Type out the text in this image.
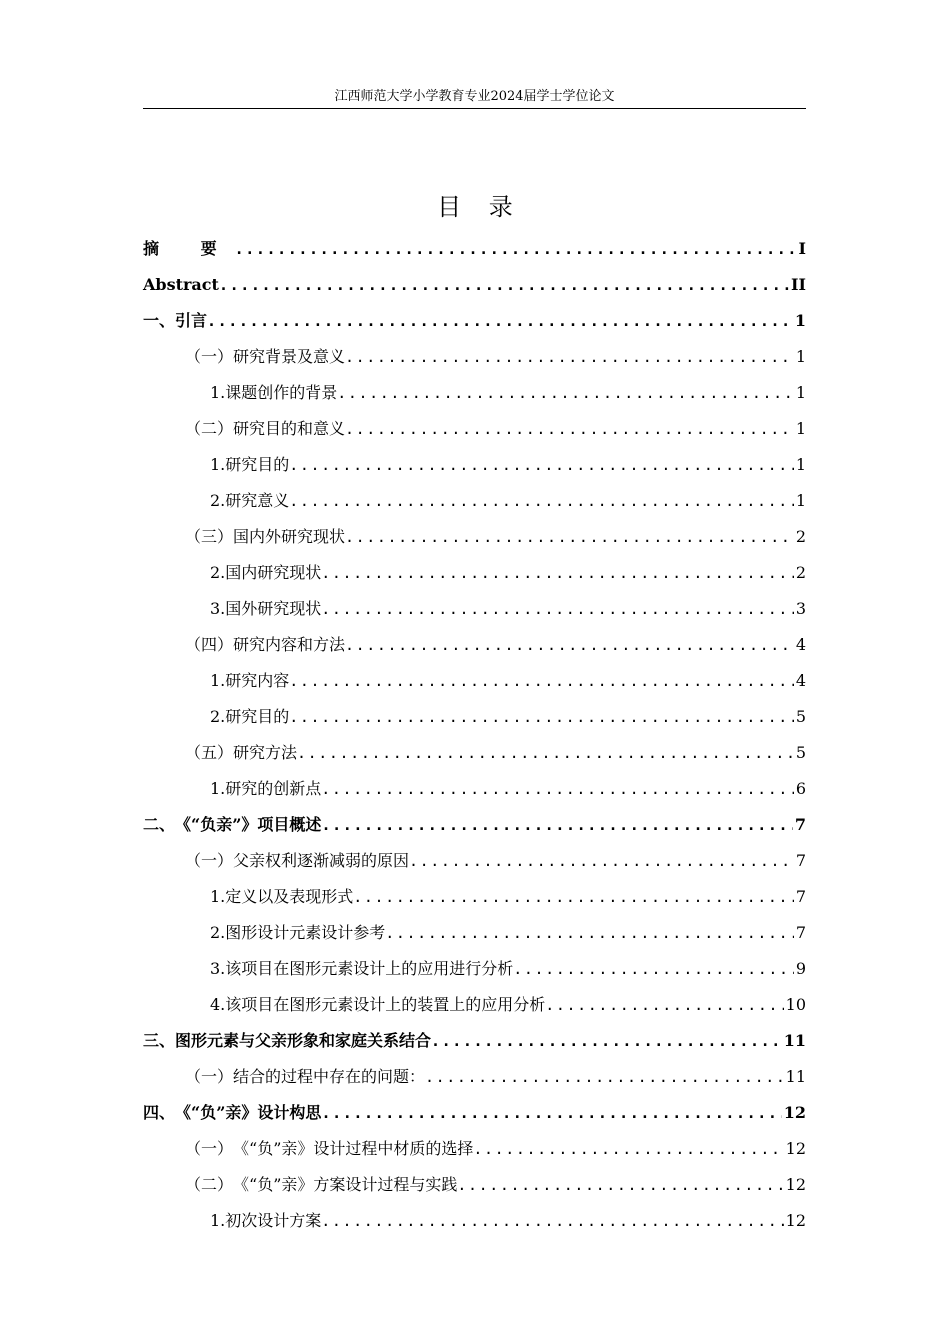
江西师范大学小学教育专业2024届学士学位论文
目 录
摘 要 .....	I
Abstract .....	II
一、 引言 .....	1
（一） 研究背景及意义 .....	1
1. 课题创作的背景 .....	1
（二） 研究目的和意义 .....	1
1. 研究目的 .....	1
2. 研究意义 .....	1
（三） 国内外研究现状 .....	2
2. 国内研究现状 .....	2
3. 国外研究现状 .....	3
（四） 研究内容和方法 .....	4
1. 研究内容 .....	4
2. 研究目的 .....	5
（五） 研究方法 .....	5
1. 研究的创新点 .....	6
二、 《“负亲”》项目概述 .....	7
（一） 父亲权利逐渐减弱的原因 .....	7
1. 定义以及表现形式 .....	7
2. 图形设计元素设计参考 .....	7
3. 该项目在图形元素设计上的应用进行分析 .....	9
4. 该项目在图形元素设计上的装置上的应用分析 .....	10
三、 图形元素与父亲形象和家庭关系结合 .....	11
（一） 结合的过程中存在的问题： .....	11
四、 《“负”亲》设计构思 .....	12
（一） 《“负”亲》设计过程中材质的选择 .....	12
（二） 《“负”亲》方案设计过程与实践 .....	12
1. 初次设计方案 .....	12
